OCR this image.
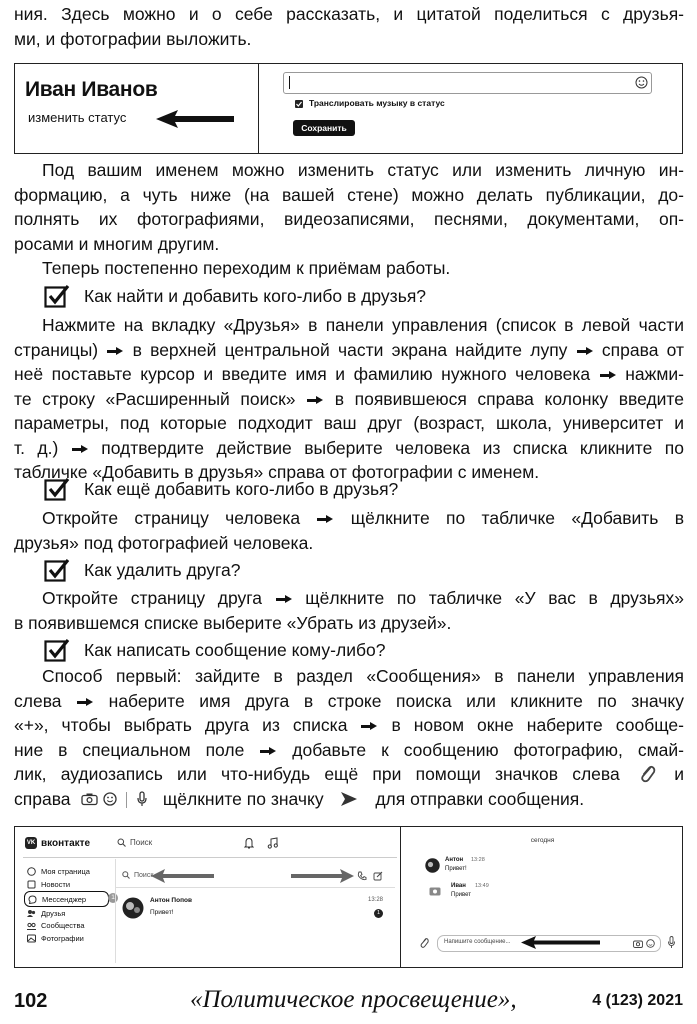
ния. Здесь можно и о себе рассказать, и цитатой поделиться с друзья-
ми, и фотографии выложить.

Иван Иванов
изменить статус
Транслировать музыку в статус
Сохранить

Под вашим именем можно изменить статус или изменить личную ин-
формацию, а чуть ниже (на вашей стене) можно делать публикации, до-
полнять их фотографиями, видеозаписями, песнями, документами, оп-
росами и многим другим.

Теперь постепенно переходим к приёмам работы.

Как найти и добавить кого-либо в друзья?

Нажмите на вкладку «Друзья» в панели управления (список в левой части
страницы) в верхней центральной части экрана найдите лупу справа от
неё поставьте курсор и введите имя и фамилию нужного человека нажми-
те строку «Расширенный поиск» в появившеюся справа колонку введите
параметры, под которые подходит ваш друг (возраст, школа, университет и
т. д.) подтвердите действие выберите человека из списка кликните по
табличке «Добавить в друзья» справа от фотографии с именем.

Как ещё добавить кого-либо в друзья?

Откройте страницу человека	щёлкните по табличке «Добавить в
друзья» под фотографией человека.

Как удалить друга?

Откройте страницу друга щёлкните по табличке «У вас в друзьях»
в появившемся списке выберите «Убрать из друзей».

Как написать сообщение кому-либо?

Способ первый: зайдите в раздел «Сообщения» в панели управления
слева	наберите имя друга в строке поиска или кликните по значку
«+», чтобы выбрать друга из списка	в новом окне наберите сообще-
ние в специальном поле	добавьте к сообщению фотографию, смай-
лик, аудиозапись или что-нибудь ещё при помощи значков слева	и
справа	щёлкните по значку	для отправки сообщения.

VK вконтакте	Поиск
Моя страница
Новости
Мессенджер	1
Друзья
Сообщества
Фотографии
Поиск
Антон Попов
Привет!
13:28
1
сегодня
Антон 13:28
Привет!
Иван 13:49
Привет
Напишите сообщение...
102	«Политическое просвещение»,	4 (123) 2021
